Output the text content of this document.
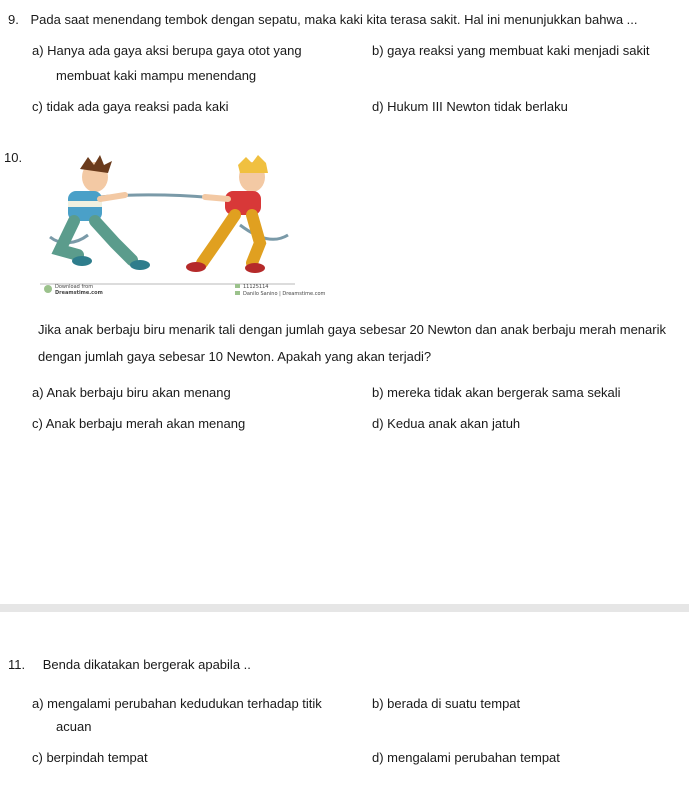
9. Pada saat menendang tembok dengan sepatu, maka kaki kita terasa sakit. Hal ini menunjukkan bahwa ...
a) Hanya ada gaya aksi berupa gaya otot yang
membuat kaki mampu menendang
b) gaya reaksi yang membuat kaki menjadi sakit
c) tidak ada gaya reaksi pada kaki	d) Hukum III Newton tidak berlaku
10.
Download from
Dreamstime.com
11125114
Danilo Sanino | Dreamstime.com
Jika anak berbaju biru menarik tali dengan jumlah gaya sebesar 20 Newton dan anak berbaju merah menarik
dengan jumlah gaya sebesar 10 Newton. Apakah yang akan terjadi?
a) Anak berbaju biru akan menang	b) mereka tidak akan bergerak sama sekali
c) Anak berbaju merah akan menang	d) Kedua anak akan jatuh
11. Benda dikatakan bergerak apabila ..
a) mengalami perubahan kedudukan terhadap titik
acuan
b) berada di suatu tempat
c) berpindah tempat	d) mengalami perubahan tempat
